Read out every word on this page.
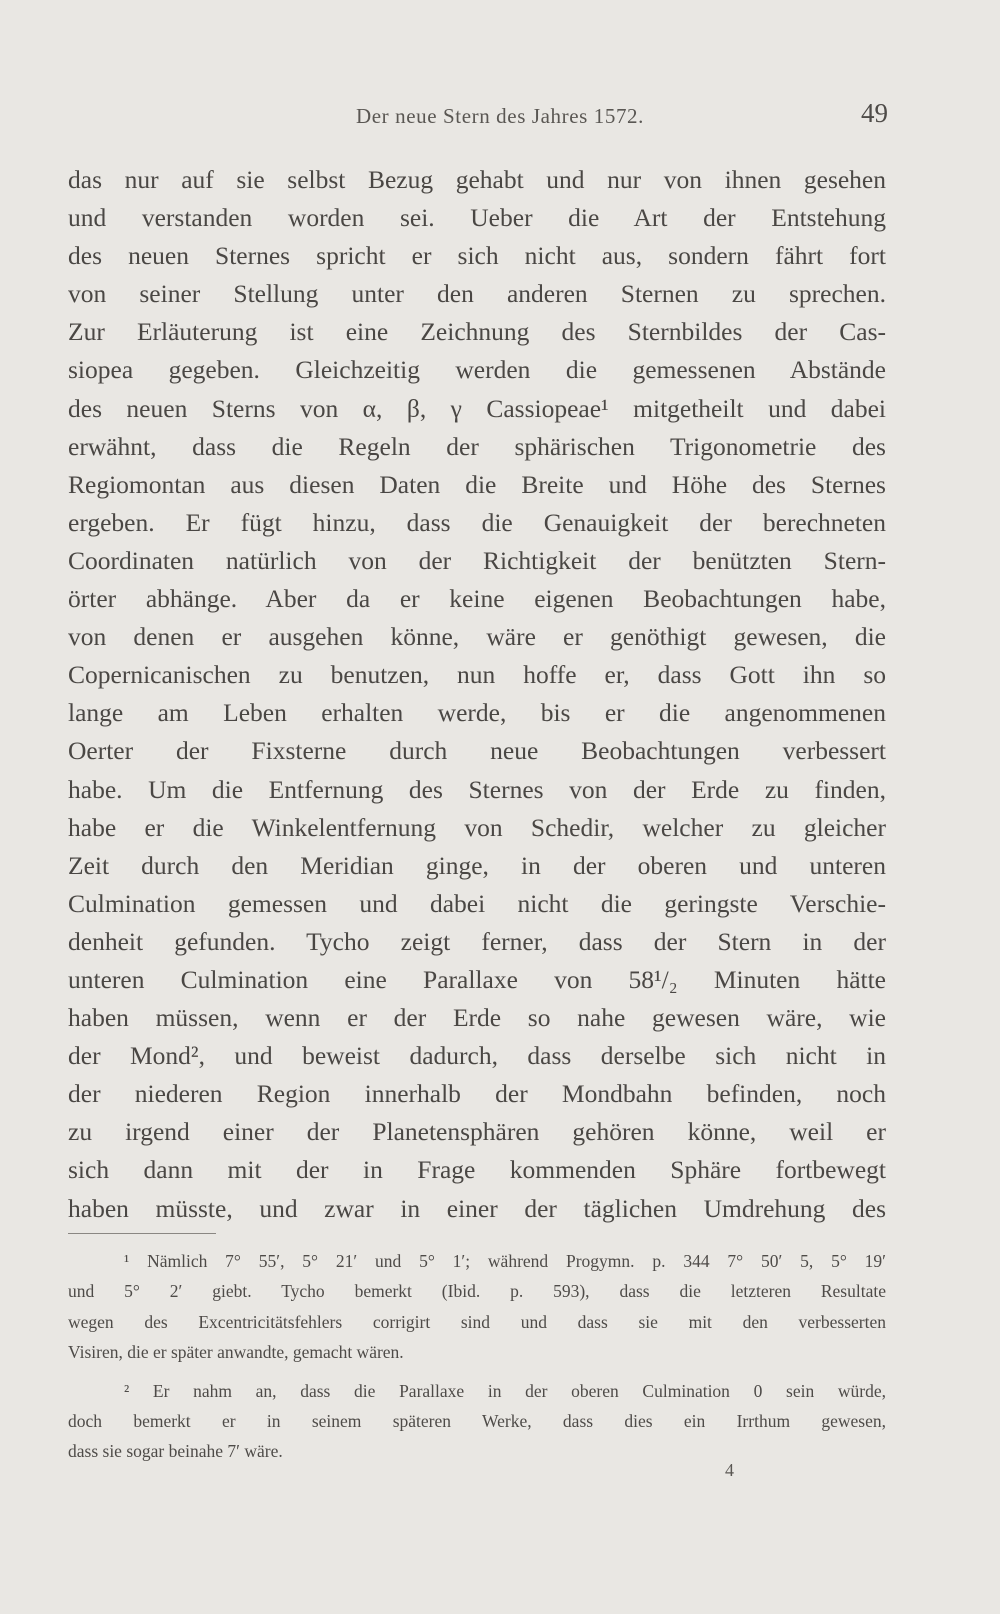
Der neue Stern des Jahres 1572.	49
das nur auf sie selbst Bezug gehabt und nur von ihnen gesehen
und verstanden worden sei. Ueber die Art der Entstehung
des neuen Sternes spricht er sich nicht aus, sondern fährt fort
von seiner Stellung unter den anderen Sternen zu sprechen.
Zur Erläuterung ist eine Zeichnung des Sternbildes der Cas-
siopea gegeben. Gleichzeitig werden die gemessenen Abstände
des neuen Sterns von α, β, γ Cassiopeae¹ mitgetheilt und dabei
erwähnt, dass die Regeln der sphärischen Trigonometrie des
Regiomontan aus diesen Daten die Breite und Höhe des Sternes
ergeben. Er fügt hinzu, dass die Genauigkeit der berechneten
Coordinaten natürlich von der Richtigkeit der benützten Stern-
örter abhänge. Aber da er keine eigenen Beobachtungen habe,
von denen er ausgehen könne, wäre er genöthigt gewesen, die
Copernicanischen zu benutzen, nun hoffe er, dass Gott ihn so
lange am Leben erhalten werde, bis er die angenommenen
Oerter der Fixsterne durch neue Beobachtungen verbessert
habe. Um die Entfernung des Sternes von der Erde zu finden,
habe er die Winkelentfernung von Schedir, welcher zu gleicher
Zeit durch den Meridian ginge, in der oberen und unteren
Culmination gemessen und dabei nicht die geringste Verschie-
denheit gefunden. Tycho zeigt ferner, dass der Stern in der
unteren Culmination eine Parallaxe von 58¹/₂ Minuten hätte
haben müssen, wenn er der Erde so nahe gewesen wäre, wie
der Mond², und beweist dadurch, dass derselbe sich nicht in
der niederen Region innerhalb der Mondbahn befinden, noch
zu irgend einer der Planetensphären gehören könne, weil er
sich dann mit der in Frage kommenden Sphäre fortbewegt
haben müsste, und zwar in einer der täglichen Umdrehung des
¹ Nämlich 7° 55′, 5° 21′ und 5° 1′; während Progymn. p. 344 7° 50′ 5, 5° 19′
und 5° 2′ giebt. Tycho bemerkt (Ibid. p. 593), dass die letzteren Resultate
wegen des Excentricitätsfehlers corrigirt sind und dass sie mit den verbesserten
Visiren, die er später anwandte, gemacht wären.
² Er nahm an, dass die Parallaxe in der oberen Culmination 0 sein würde,
doch bemerkt er in seinem späteren Werke, dass dies ein Irrthum gewesen,
dass sie sogar beinahe 7′ wäre.
4
